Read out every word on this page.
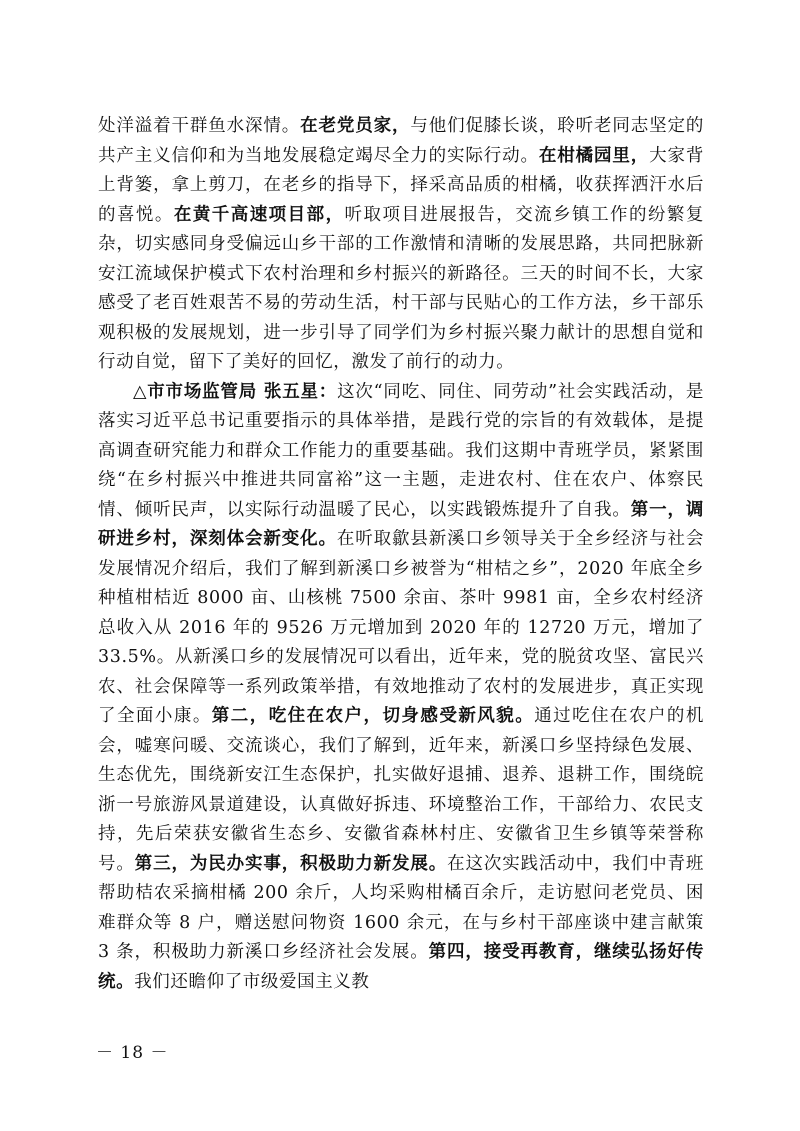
处洋溢着干群鱼水深情。在老党员家，与他们促膝长谈，聆听老同志坚定的共产主义信仰和为当地发展稳定竭尽全力的实际行动。在柑橘园里，大家背上背篓，拿上剪刀，在老乡的指导下，择采高品质的柑橘，收获挥洒汗水后的喜悦。在黄千高速项目部，听取项目进展报告，交流乡镇工作的纷繁复杂，切实感同身受偏远山乡干部的工作激情和清晰的发展思路，共同把脉新安江流域保护模式下农村治理和乡村振兴的新路径。三天的时间不长，大家感受了老百姓艰苦不易的劳动生活，村干部与民贴心的工作方法，乡干部乐观积极的发展规划，进一步引导了同学们为乡村振兴聚力献计的思想自觉和行动自觉，留下了美好的回忆，激发了前行的动力。

△市市场监管局 张五星：这次“同吃、同住、同劳动”社会实践活动，是落实习近平总书记重要指示的具体举措，是践行党的宗旨的有效载体，是提高调查研究能力和群众工作能力的重要基础。我们这期中青班学员，紧紧围绕“在乡村振兴中推进共同富裕”这一主题，走进农村、住在农户、体察民情、倾听民声，以实际行动温暖了民心，以实践锻炼提升了自我。第一，调研进乡村，深刻体会新变化。在听取歙县新溪口乡领导关于全乡经济与社会发展情况介绍后，我们了解到新溪口乡被誉为“柑桔之乡”，2020 年底全乡种植柑桔近 8000 亩、山核桃 7500 余亩、茶叶 9981 亩，全乡农村经济总收入从 2016 年的 9526 万元增加到 2020 年的 12720 万元，增加了 33.5%。从新溪口乡的发展情况可以看出，近年来，党的脱贫攻坚、富民兴农、社会保障等一系列政策举措，有效地推动了农村的发展进步，真正实现了全面小康。第二，吃住在农户，切身感受新风貌。通过吃住在农户的机会，嘘寒问暖、交流谈心，我们了解到，近年来，新溪口乡坚持绿色发展、生态优先，围绕新安江生态保护，扎实做好退捕、退养、退耕工作，围绕皖浙一号旅游风景道建设，认真做好拆违、环境整治工作，干部给力、农民支持，先后荣获安徽省生态乡、安徽省森林村庄、安徽省卫生乡镇等荣誉称号。第三，为民办实事，积极助力新发展。在这次实践活动中，我们中青班帮助桔农采摘柑橘 200 余斤，人均采购柑橘百余斤，走访慰问老党员、困难群众等 8 户，赠送慰问物资 1600 余元，在与乡村干部座谈中建言献策 3 条，积极助力新溪口乡经济社会发展。第四，接受再教育，继续弘扬好传统。我们还瞻仰了市级爱国主义教

－ 18 －
